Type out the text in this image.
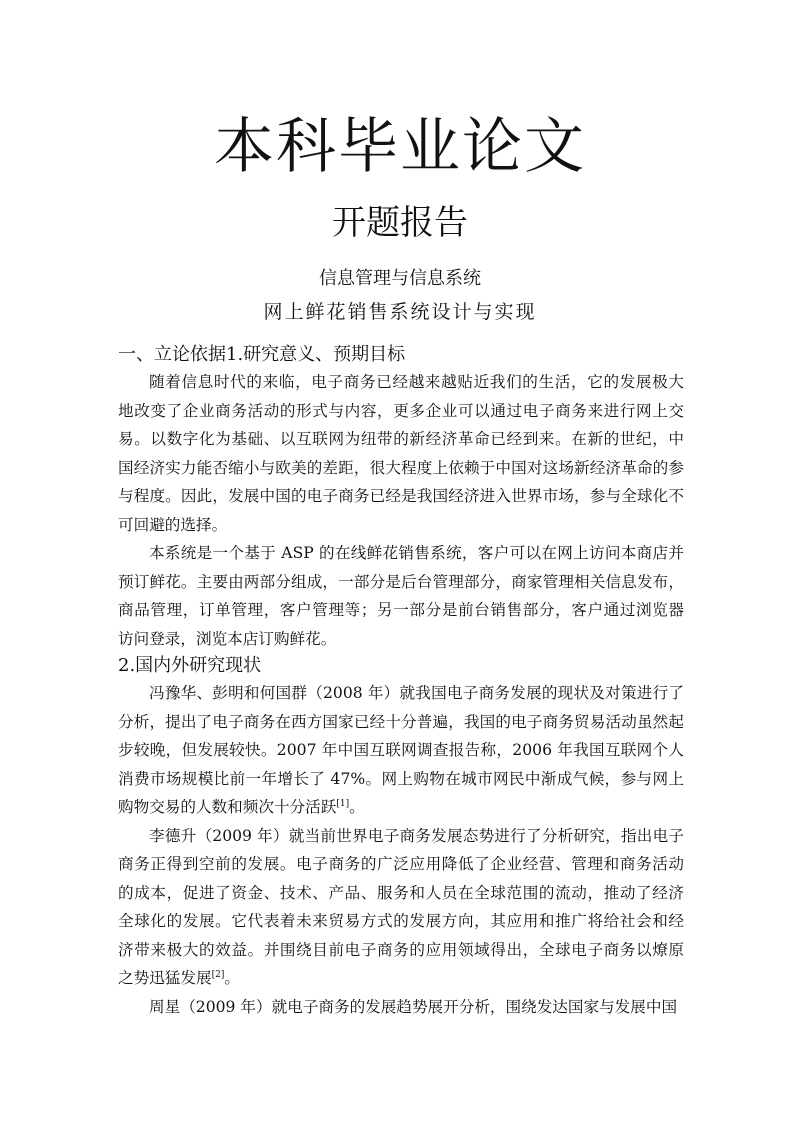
本科毕业论文
开题报告
信息管理与信息系统
网上鲜花销售系统设计与实现

一、立论依据1.研究意义、预期目标

随着信息时代的来临，电子商务已经越来越贴近我们的生活，它的发展极大 地改变了企业商务活动的形式与内容，更多企业可以通过电子商务来进行网上交易。以数字化为基础、以互联网为纽带的新经济革命已经到来。在新的世纪，中 国经济实力能否缩小与欧美的差距，很大程度上依赖于中国对这场新经济革命的参与程度。因此，发展中国的电子商务已经是我国经济进入世界市场，参与全球化不可回避的选择。

本系统是一个基于 ASP 的在线鲜花销售系统，客户可以在网上访问本商店并 预订鲜花。主要由两部分组成，一部分是后台管理部分，商家管理相关信息发布， 商品管理，订单管理，客户管理等；另一部分是前台销售部分，客户通过浏览器 访问登录，浏览本店订购鲜花。

2.国内外研究现状

冯豫华、彭明和何国群（2008 年）就我国电子商务发展的现状及对策进行了分析，提出了电子商务在西方国家已经十分普遍，我国的电子商务贸易活动虽然起步较晚，但发展较快。2007 年中国互联网调查报告称，2006 年我国互联网个人 消费市场规模比前一年增长了 47%。网上购物在城市网民中渐成气候，参与网上 购物交易的人数和频次十分活跃[1]。

李德升（2009 年）就当前世界电子商务发展态势进行了分析研究，指出电子商务正得到空前的发展。电子商务的广泛应用降低了企业经营、管理和商务活动 的成本，促进了资金、技术、产品、服务和人员在全球范围的流动，推动了经济 全球化的发展。它代表着未来贸易方式的发展方向，其应用和推广将给社会和经 济带来极大的效益。并围绕目前电子商务的应用领域得出，全球电子商务以燎原 之势迅猛发展[2]。

周星（2009 年）就电子商务的发展趋势展开分析，围绕发达国家与发展中国
